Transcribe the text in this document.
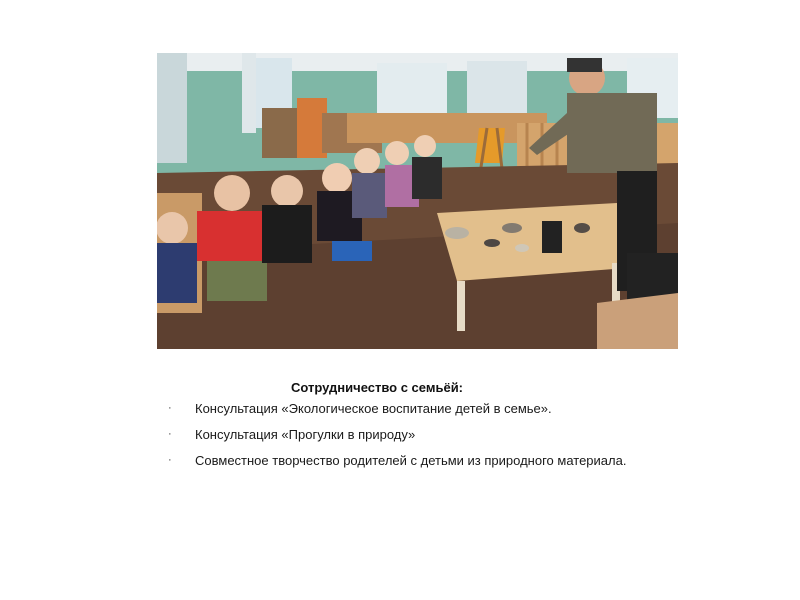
Сотрудничество с семьёй:
· Консультация «Экологическое воспитание детей в семье».
· Консультация «Прогулки в природу»
· Совместное творчество родителей с детьми из природного материала.
